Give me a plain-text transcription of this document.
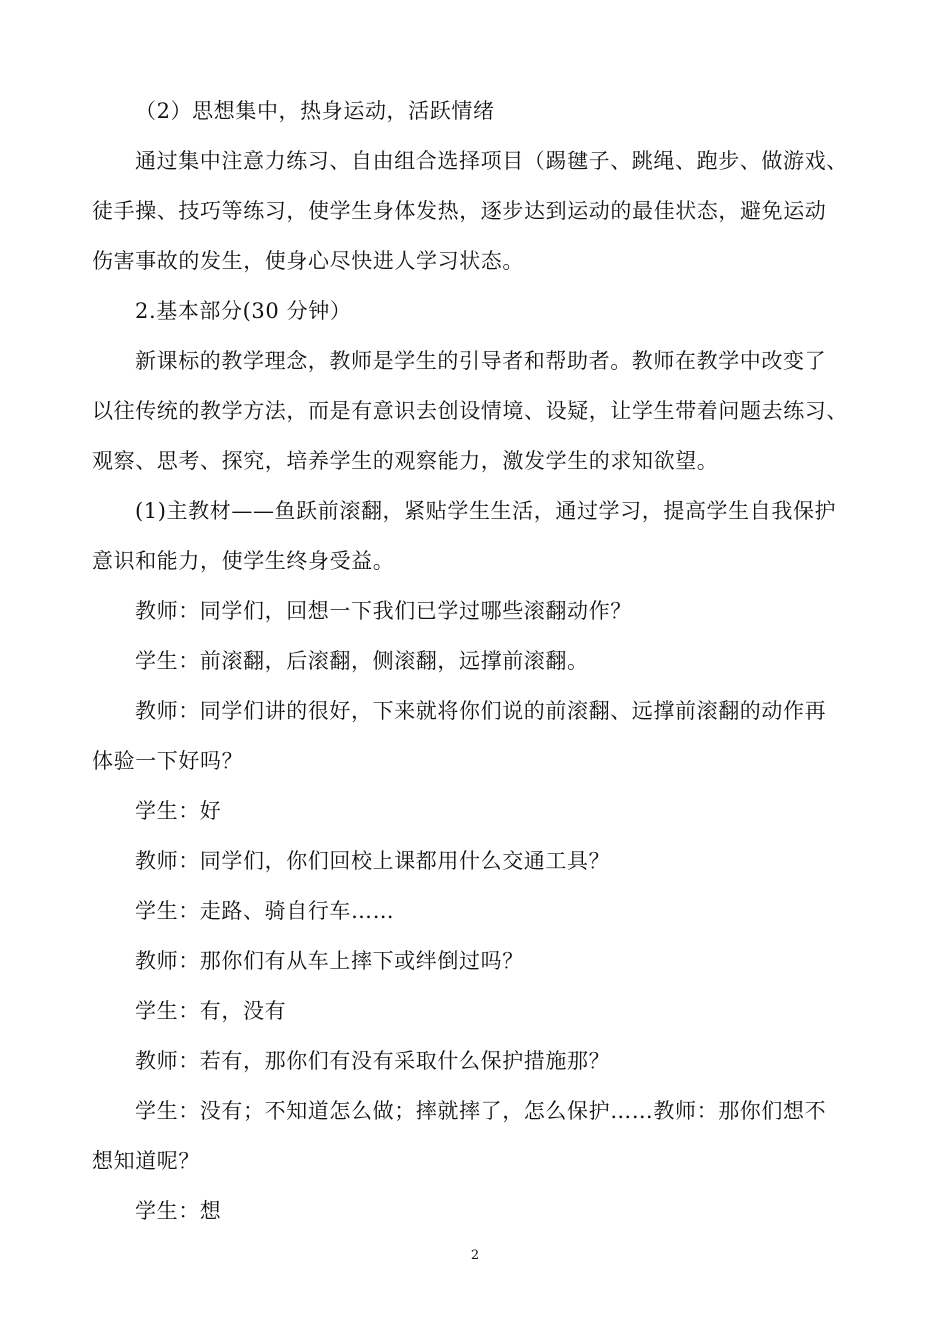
（2）思想集中，热身运动，活跃情绪
通过集中注意力练习、自由组合选择项目（踢毽子、跳绳、跑步、做游戏、
徒手操、技巧等练习，使学生身体发热，逐步达到运动的最佳状态，避免运动
伤害事故的发生，使身心尽快进人学习状态。
2.基本部分(30 分钟）
新课标的教学理念，教师是学生的引导者和帮助者。教师在教学中改变了
以往传统的教学方法，而是有意识去创设情境、设疑，让学生带着问题去练习、
观察、思考、探究，培养学生的观察能力，激发学生的求知欲望。
(1)主教材——鱼跃前滚翻，紧贴学生生活，通过学习，提高学生自我保护
意识和能力，使学生终身受益。
教师：同学们，回想一下我们已学过哪些滚翻动作？
学生：前滚翻，后滚翻，侧滚翻，远撑前滚翻。
教师：同学们讲的很好，下来就将你们说的前滚翻、远撑前滚翻的动作再
体验一下好吗？
学生：好
教师：同学们，你们回校上课都用什么交通工具？
学生：走路、骑自行车……
教师：那你们有从车上摔下或绊倒过吗？
学生：有，没有
教师：若有，那你们有没有采取什么保护措施那？
学生：没有；不知道怎么做；摔就摔了，怎么保护……教师：那你们想不
想知道呢？
学生：想
2
